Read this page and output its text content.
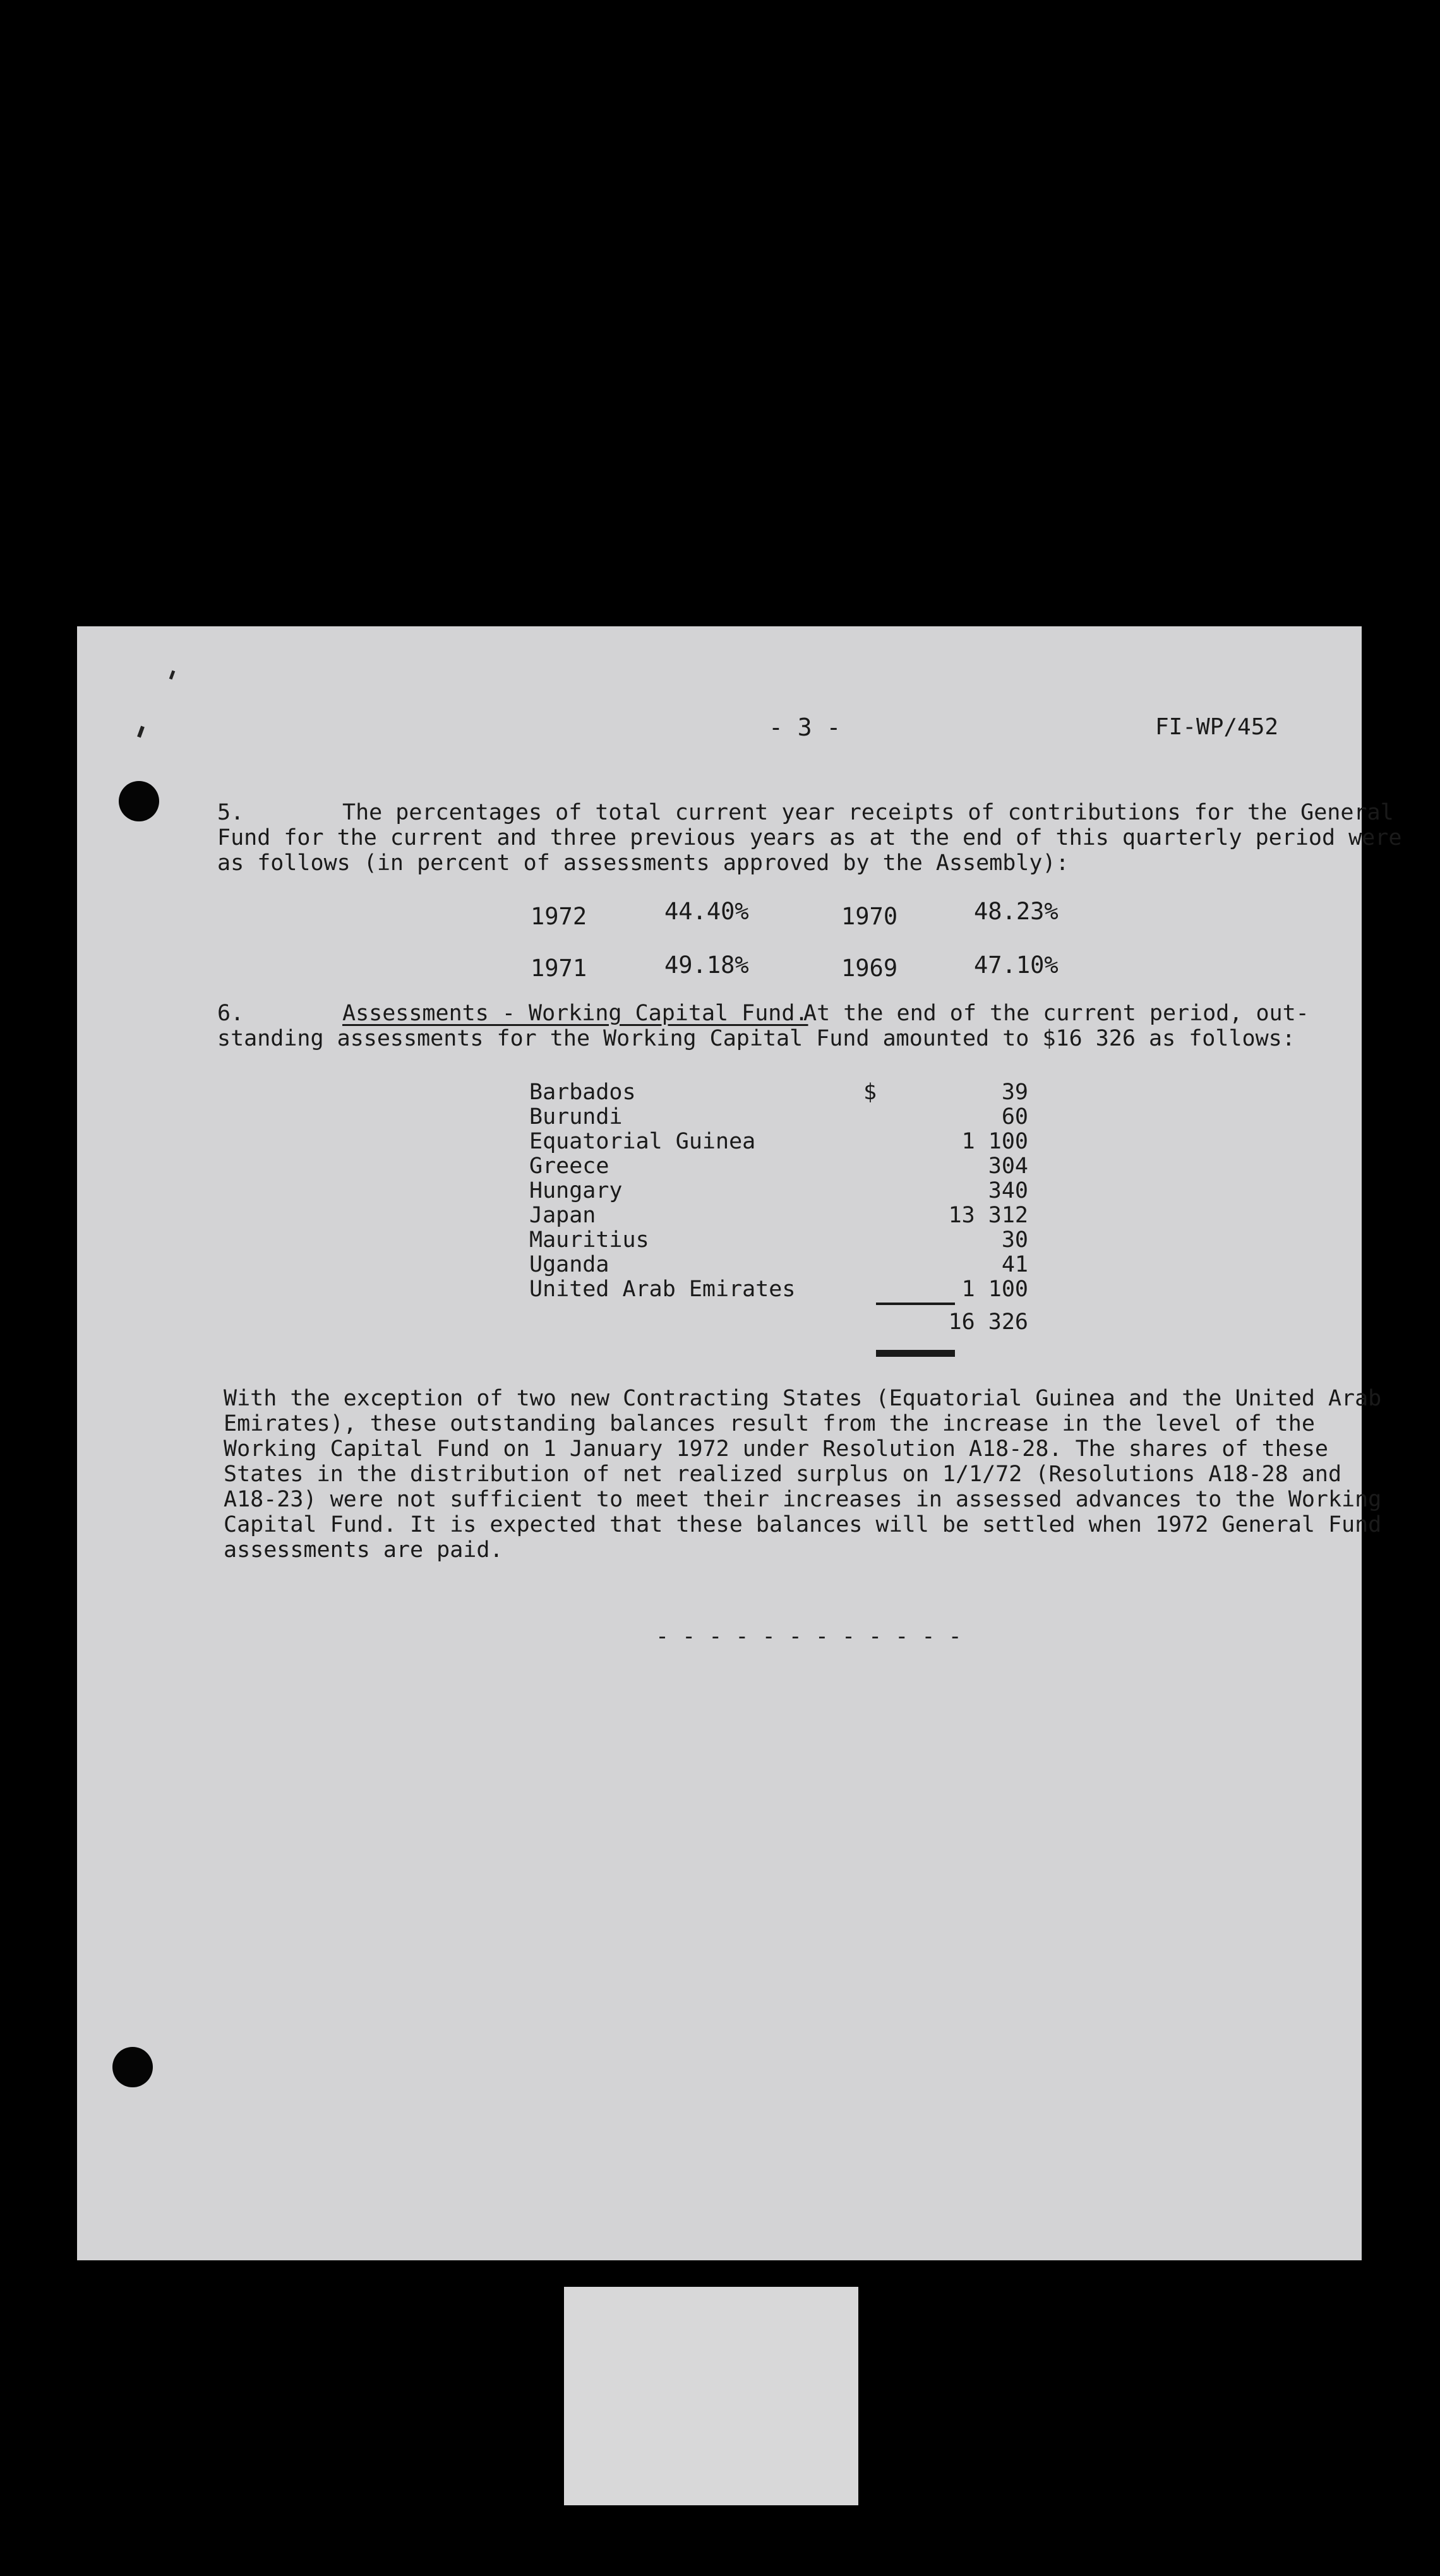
- 3 -	FI-WP/452
5.	The percentages of total current year receipts of contributions for the General
Fund for the current and three previous years as at the end of this quarterly period were
as follows (in percent of assessments approved by the Assembly):
1972	44.40%	1970	48.23%
1971	49.18%	1969	47.10%
6.	Assessments - Working Capital Fund.
At the end of the current period, out-
standing assessments for the Working Capital Fund amounted to $16 326 as follows:
$
Barbados	39
Burundi	60
Equatorial Guinea	1 100
Greece	304
Hungary	340
Japan	13 312
Mauritius	30
Uganda	41
United Arab Emirates	1 100
16 326
With the exception of two new Contracting States (Equatorial Guinea and the United Arab
Emirates), these outstanding balances result from the increase in the level of the
Working Capital Fund on 1 January 1972 under Resolution A18-28. The shares of these
States in the distribution of net realized surplus on 1/1/72 (Resolutions A18-28 and
A18-23) were not sufficient to meet their increases in assessed advances to the Working
Capital Fund. It is expected that these balances will be settled when 1972 General Fund
assessments are paid.
- - - - - - - - - - - -
